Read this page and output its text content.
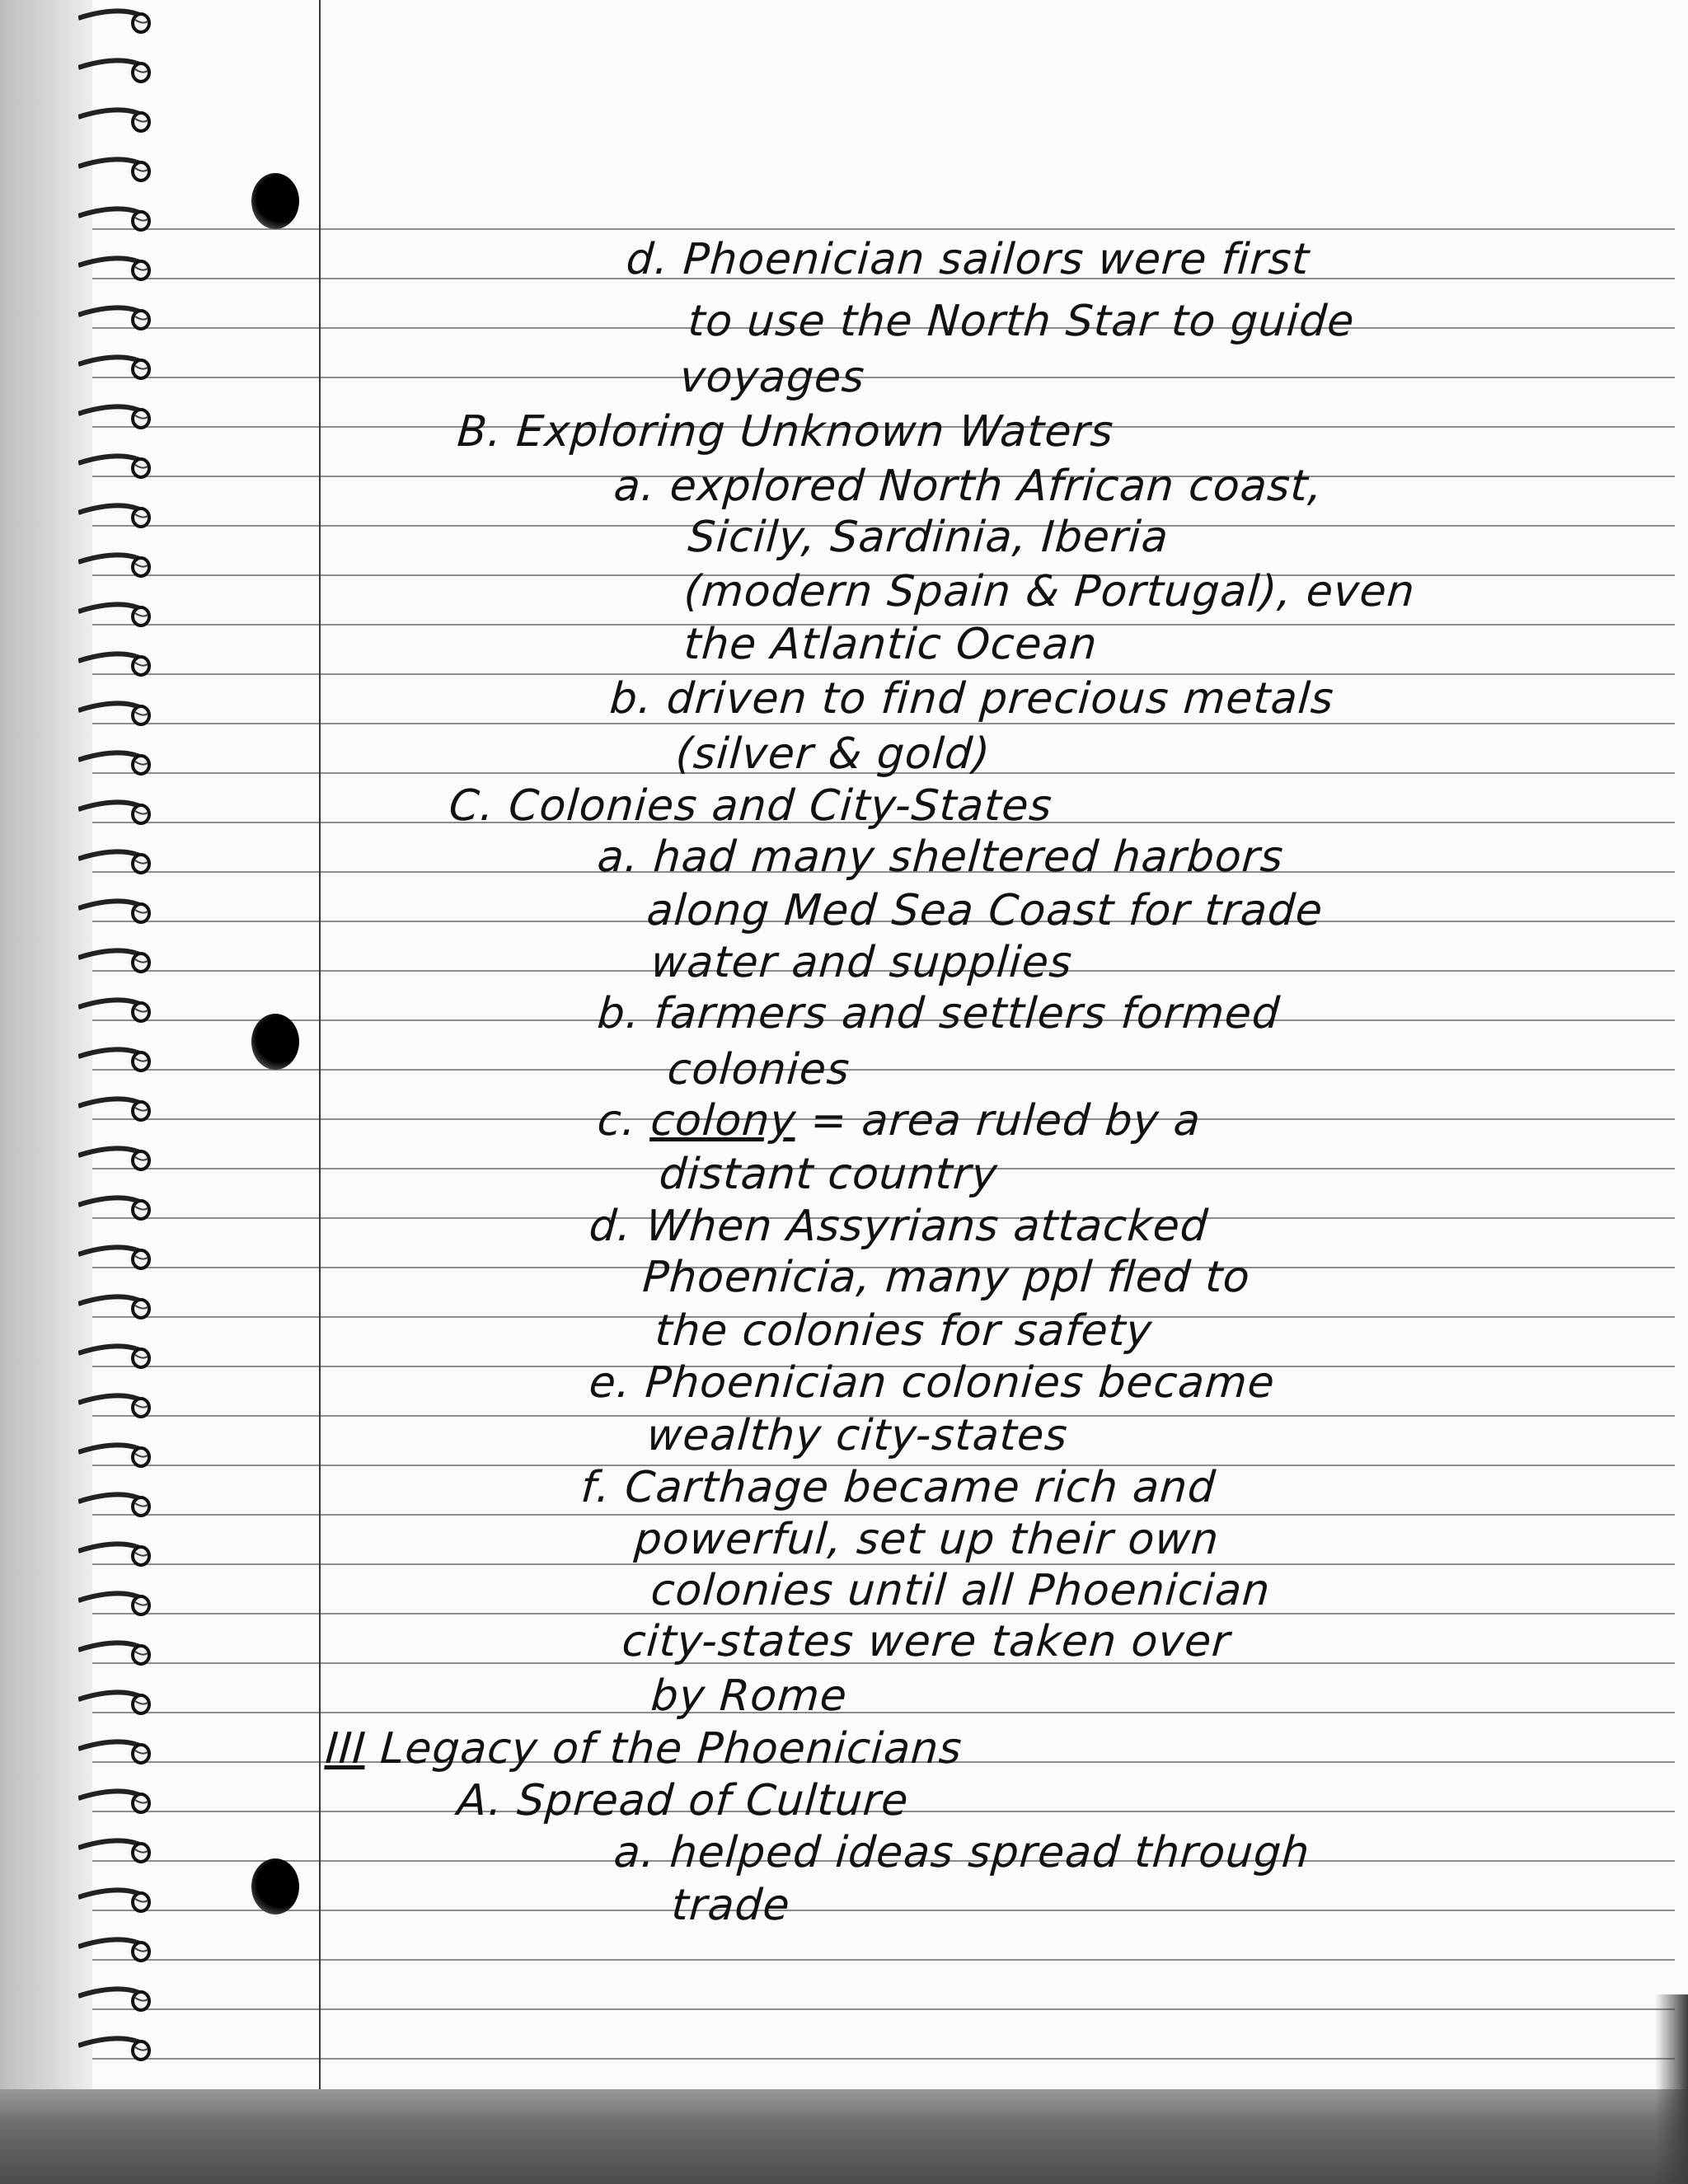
d. Phoenician sailors were first
to use the North Star to guide
voyages
B. Exploring Unknown Waters
a. explored North African coast,
Sicily, Sardinia, Iberia
(modern Spain & Portugal), even
the Atlantic Ocean
b. driven to find precious metals
(silver & gold)
C. Colonies and City-States
a. had many sheltered harbors
along Med Sea Coast for trade
water and supplies
b. farmers and settlers formed
colonies
c. colony = area ruled by a
distant country
d. When Assyrians attacked
Phoenicia, many ppl fled to
the colonies for safety
e. Phoenician colonies became
wealthy city-states
f. Carthage became rich and
powerful, set up their own
colonies until all Phoenician
city-states were taken over
by Rome
III Legacy of the Phoenicians
A. Spread of Culture
a. helped ideas spread through
trade
